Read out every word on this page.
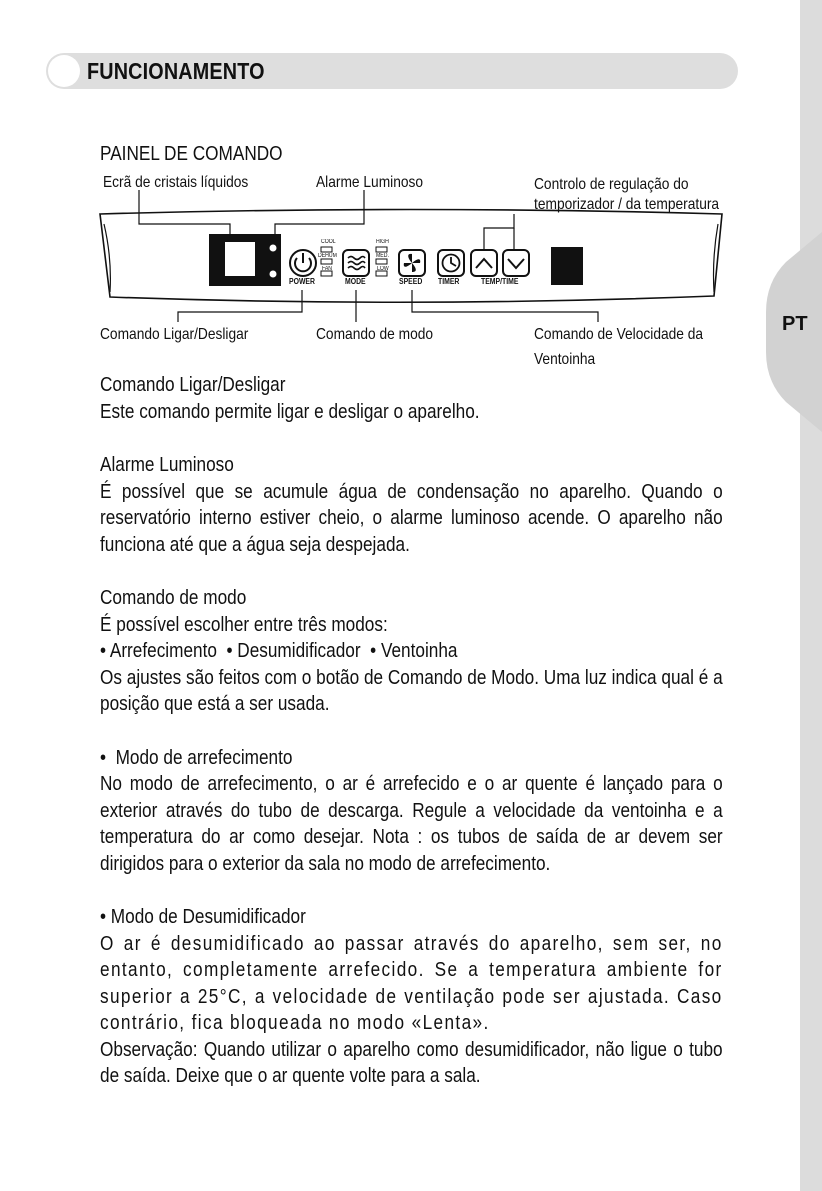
PT
FUNCIONAMENTO
PAINEL DE COMANDO
Ecrã de cristais líquidos	Alarme Luminoso	Controlo de regulação do
temporizador / da temperatura
COOL
DEHUM
FAN
HIGH
MED.
LOW
POWER	MODE	SPEED TIMER	TEMP/TIME
Comando Ligar/Desligar	Comando de modo	Comando de Velocidade da
Ventoinha

Comando Ligar/Desligar

Este comando permite ligar e desligar o aparelho.

Alarme Luminoso

É possível que se acumule água de condensação no aparelho. Quando o reservatório interno estiver cheio, o alarme luminoso acende. O aparelho não funciona até que a água seja despejada.

Comando de modo

É possível escolher entre três modos:

• Arrefecimento  • Desumidificador  • Ventoinha

Os ajustes são feitos com o botão de Comando de Modo. Uma luz indica qual é a posição que está a ser usada.

•  Modo de arrefecimento

No modo de arrefecimento, o ar é arrefecido e o ar quente é lançado para o exterior através do tubo de descarga. Regule a velocidade da ventoinha e a temperatura do ar como desejar. Nota : os tubos de saída de ar devem ser dirigidos para o exterior da sala no modo de arrefecimento.

• Modo de Desumidificador

O ar é desumidificado ao passar através do aparelho, sem ser, no entanto, completamente arrefecido. Se a temperatura ambiente for superior a 25°C, a velocidade de ventilação pode ser ajustada. Caso contrário, fica bloqueada no modo «Lenta».

Observação: Quando utilizar o aparelho como desumidificador, não ligue o tubo de saída. Deixe que o ar quente volte para a sala.
